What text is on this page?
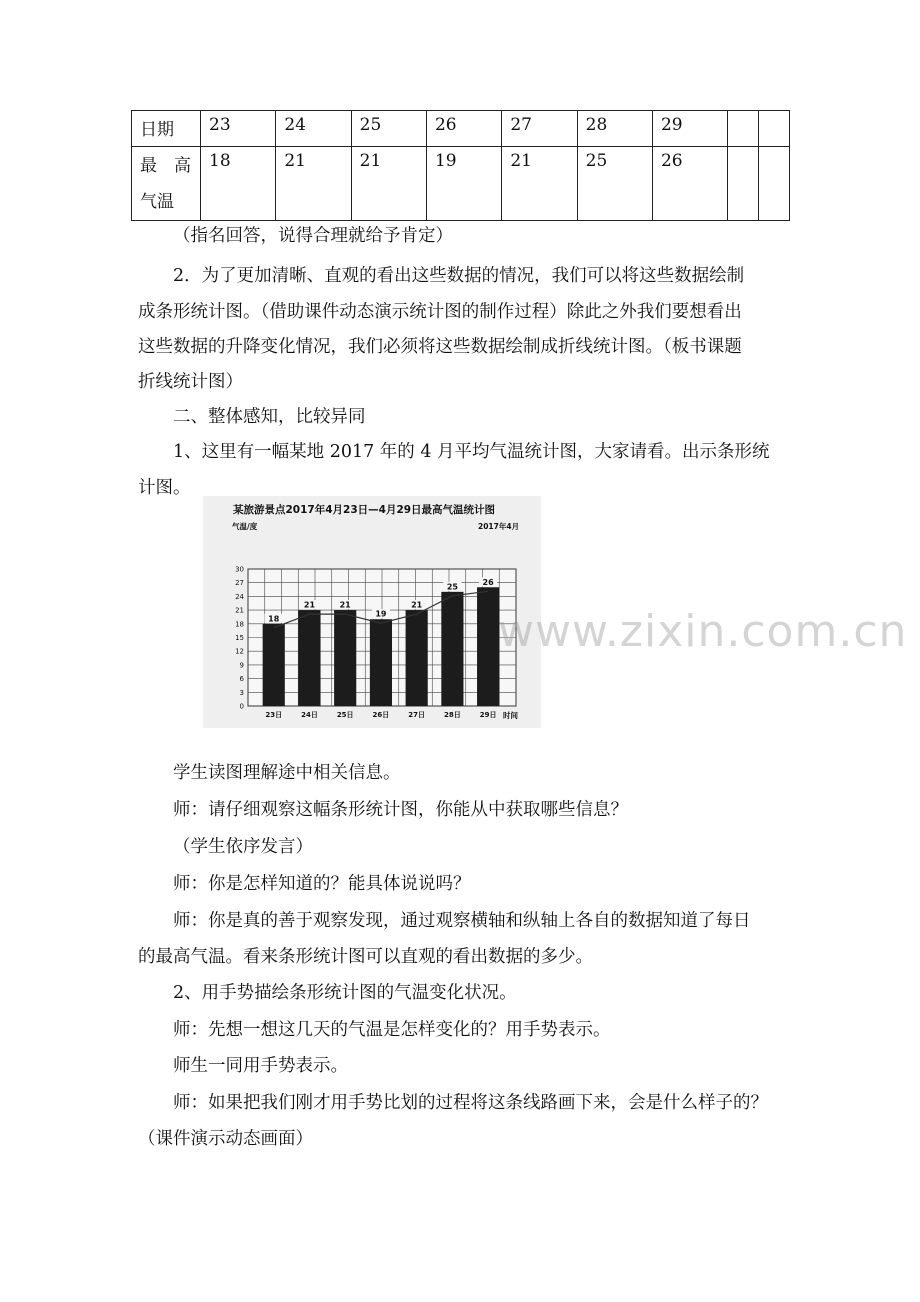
日期	23	24	25	26	27	28	29		

最　高
气温	18	21	21	19	21	25	26		
（指名回答，说得合理就给予肯定）
2．为了更加清晰、直观的看出这些数据的情况，我们可以将这些数据绘制
成条形统计图。（借助课件动态演示统计图的制作过程）除此之外我们要想看出
这些数据的升降变化情况，我们必须将这些数据绘制成折线统计图。（板书课题
折线统计图）
二、整体感知，比较异同
1、这里有一幅某地 2017 年的 4 月平均气温统计图，大家请看。出示条形统
计图。
某旅游景点2017年4月23日—4月29日最高气温统计图
气温/度	2017年4月
时间
18
21	21
19
21
25
26
0
3
6
9
12
15
18
21
24
27
30
23日	24日	25日	26日	27日	28日	29日
www.zixin.com.cn
学生读图理解途中相关信息。
师：请仔细观察这幅条形统计图，你能从中获取哪些信息？
（学生依序发言）
师：你是怎样知道的？能具体说说吗？
师：你是真的善于观察发现，通过观察横轴和纵轴上各自的数据知道了每日
的最高气温。看来条形统计图可以直观的看出数据的多少。
2、用手势描绘条形统计图的气温变化状况。
师：先想一想这几天的气温是怎样变化的？用手势表示。
师生一同用手势表示。
师：如果把我们刚才用手势比划的过程将这条线路画下来，会是什么样子的？
（课件演示动态画面）
